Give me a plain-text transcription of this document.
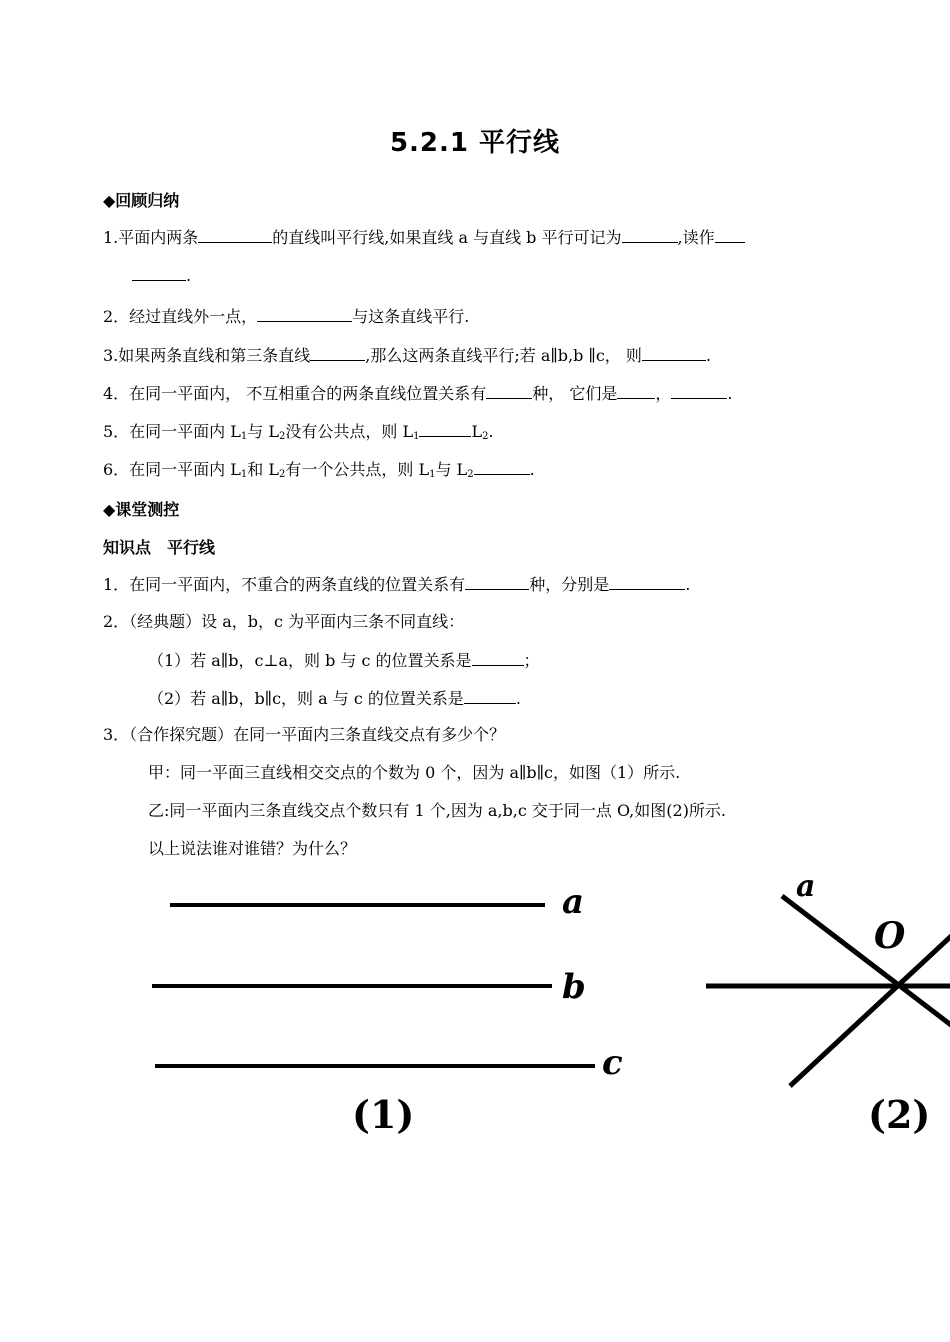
5.2.1 平行线
◆回顾归纳
1.平面内两条	的直线叫平行线,如果直线 a 与直线 b 平行可记为	,读作
.
2．经过直线外一点，	与这条直线平行.
3.如果两条直线和第三条直线	,那么这两条直线平行;若 a∥b,b ∥c， 则	.
4．在同一平面内， 不互相重合的两条直线位置关系有	种， 它们是 ，	.
5．在同一平面内 $L_1$与 $L_2$没有公共点，则 $L_1$	$L_2$.
6．在同一平面内 $L_1$和 $L_2$有一个公共点，则 $L_1$与 $L_2$	.
◆课堂测控
知识点　平行线
1．在同一平面内，不重合的两条直线的位置关系有	种，分别是	.
2．（经典题）设 a，b，c 为平面内三条不同直线：
（1）若 a∥b，c⊥a，则 b 与 c 的位置关系是	；
（2）若 a∥b，b∥c，则 a 与 c 的位置关系是	.
3．（合作探究题）在同一平面内三条直线交点有多少个？
甲：同一平面三直线相交交点的个数为 0 个，因为 a∥b∥c，如图（1）所示.
乙:同一平面内三条直线交点个数只有 1 个,因为 a,b,c 交于同一点 O,如图(2)所示.
以上说法谁对谁错？为什么？
a
b
c
(1)
a
O
(2)
